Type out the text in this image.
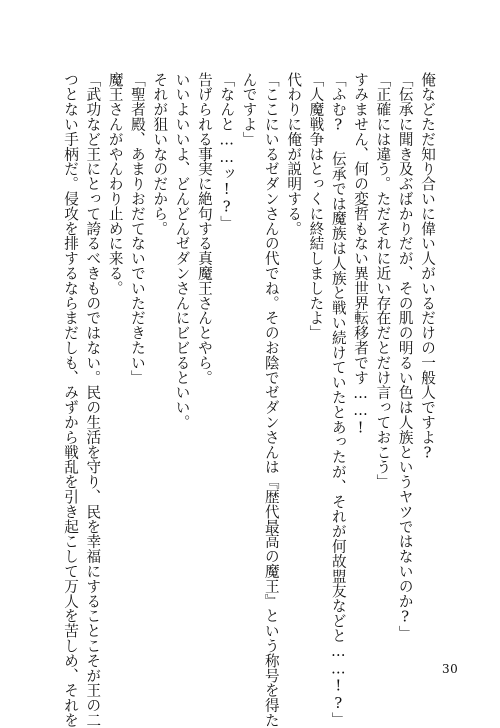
俺などただ知り合いに偉い人がいるだけの一般人ですよ?
「伝承に聞き及ぶばかりだが、その肌の明るい色は人族というヤツではないのか?」
「正確には違う。ただそれに近い存在だとだけ言っておこう」
すみません、何の変哲もない異世界転移者です……!
「ふむ? 伝承では魔族は人族と戦い続けていたとあったが、それが何故盟友などと……!?」
「人魔戦争はとっくに終結しましたよ」
代わりに俺が説明する。
「ここにいるゼダンさんの代でね。そのお陰でゼダンさんは『歴代最高の魔王』という称号を得た
んですよ」
「なんと……ッ!?」
告げられる事実に絶句する真魔王さんとやら。
いいよいいよ、どんどんゼダンさんにビビるといい。
それが狙いなのだから。
「聖者殿、あまりおだてないでいただきたい」
魔王さんがやんわり止めに来る。
「武功など王にとって誇るべきものではない。民の生活を守り、民を幸福にすることこそが王の二
つとない手柄だ。侵攻を排するならまだしも、みずから戦乱を引き起こして万人を苦しめ、それを	30
